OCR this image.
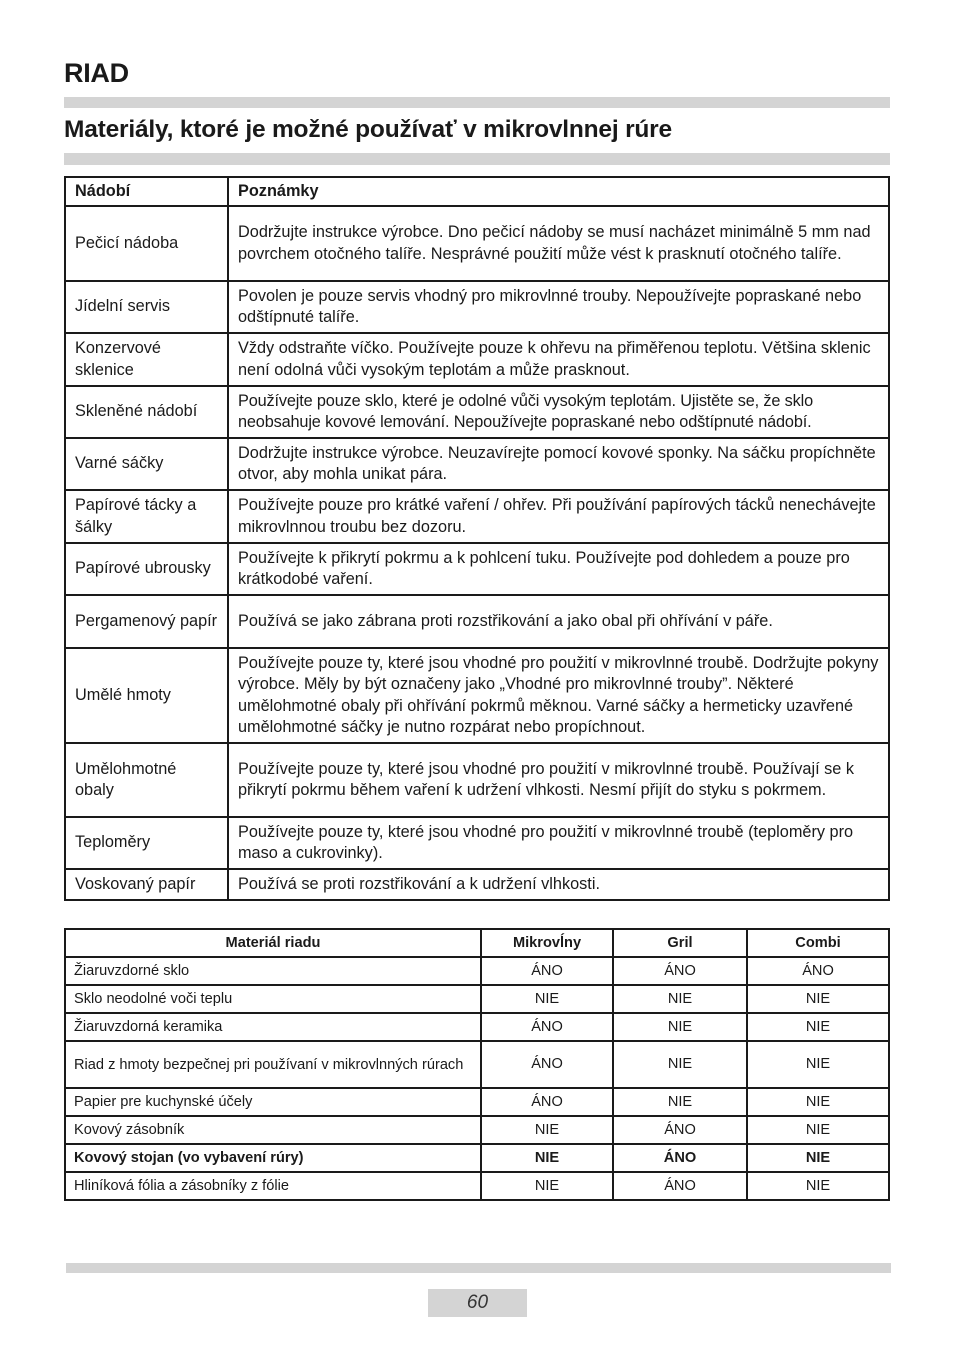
RIAD
Materiály, ktoré je možné používať v mikrovlnnej rúre
Nádobí	Poznámky
Pečicí nádoba	Dodržujte instrukce výrobce. Dno pečicí nádoby se musí nacházet minimálně 5 mm nad povrchem otočného talíře. Nesprávné použití může vést k prasknutí otočného talíře.
Jídelní servis	Povolen je pouze servis vhodný pro mikrovlnné trouby. Nepoužívejte popraskané nebo odštípnuté talíře.
Konzervové sklenice	Vždy odstraňte víčko. Používejte pouze k ohřevu na přiměřenou teplotu. Většina sklenic není odolná vůči vysokým teplotám a může prasknout.
Skleněné nádobí	Používejte pouze sklo, které je odolné vůči vysokým teplotám. Ujistěte se, že sklo neobsahuje kovové lemování. Nepoužívejte popraskané nebo odštípnuté nádobí.
Varné sáčky	Dodržujte instrukce výrobce. Neuzavírejte pomocí kovové sponky. Na sáčku propíchněte otvor, aby mohla unikat pára.
Papírové tácky a šálky	Používejte pouze pro krátké vaření / ohřev. Při používání papírových tácků nenechávejte mikrovlnnou troubu bez dozoru.
Papírové ubrousky	Používejte k přikrytí pokrmu a k pohlcení tuku. Používejte pod dohledem a pouze pro krátkodobé vaření.
Pergamenový papír	Používá se jako zábrana proti rozstřikování a jako obal při ohřívání v páře.
Umělé hmoty	Používejte pouze ty, které jsou vhodné pro použití v mikrovlnné troubě. Dodržujte pokyny výrobce. Měly by být označeny jako „Vhodné pro mikrovlnné trouby”. Některé umělohmotné obaly při ohřívání pokrmů měknou. Varné sáčky a hermeticky uzavřené umělohmotné sáčky je nutno rozpárat nebo propíchnout.
Umělohmotné obaly	Používejte pouze ty, které jsou vhodné pro použití v mikrovlnné troubě. Používají se k přikrytí pokrmu během vaření k udržení vlhkosti. Nesmí přijít do styku s pokrmem.
Teploměry	Používejte pouze ty, které jsou vhodné pro použití v mikrovlnné troubě (teploměry pro maso a cukrovinky).
Voskovaný papír	Používá se proti rozstřikování a k udržení vlhkosti.
Materiál riadu	Mikrovĺny	Gril	Combi
Žiaruvzdorné sklo	ÁNO	ÁNO	ÁNO
Sklo neodolné voči teplu	NIE	NIE	NIE
Žiaruvzdorná keramika	ÁNO	NIE	NIE
Riad z hmoty bezpečnej pri používaní v mikrovlnných rúrach	ÁNO	NIE	NIE
Papier pre kuchynské účely	ÁNO	NIE	NIE
Kovový zásobník	NIE	ÁNO	NIE
Kovový stojan (vo vybavení rúry)	NIE	ÁNO	NIE
Hliníková fólia a zásobníky z fólie	NIE	ÁNO	NIE
60
